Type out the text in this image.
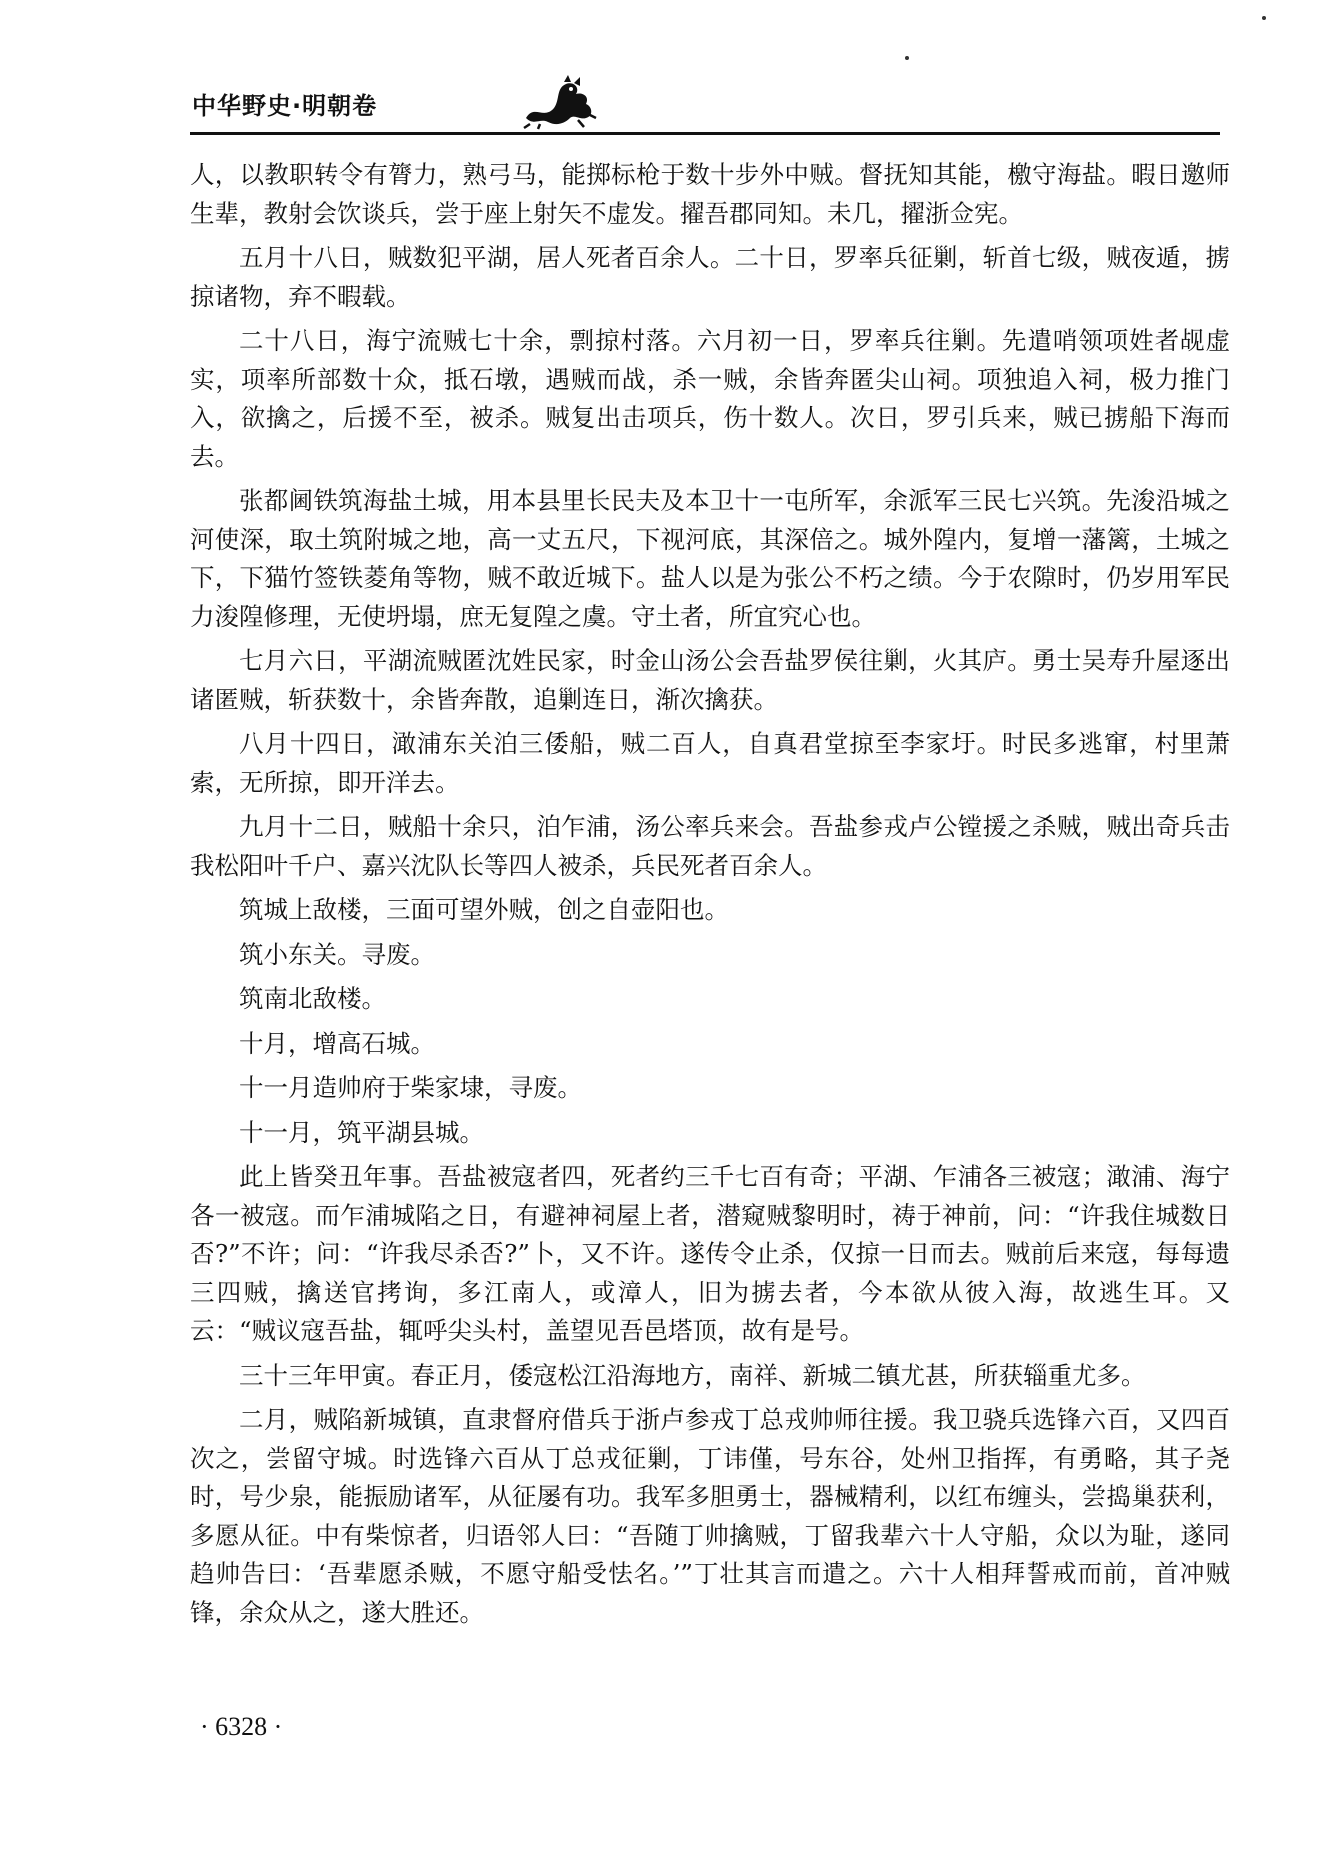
中华野史·明朝卷

人，以教职转令有膂力，熟弓马，能掷标枪于数十步外中贼。督抚知其能，檄守海盐。暇日邀师生辈，教射会饮谈兵，尝于座上射矢不虚发。擢吾郡同知。未几，擢浙佥宪。

五月十八日，贼数犯平湖，居人死者百余人。二十日，罗率兵征剿，斩首七级，贼夜遁，掳掠诸物，弃不暇载。

二十八日，海宁流贼七十余，剽掠村落。六月初一日，罗率兵往剿。先遣哨领项姓者觇虚实，项率所部数十众，抵石墩，遇贼而战，杀一贼，余皆奔匿尖山祠。项独追入祠，极力推门入，欲擒之，后援不至，被杀。贼复出击项兵，伤十数人。次日，罗引兵来，贼已掳船下海而去。

张都阃铁筑海盐土城，用本县里长民夫及本卫十一屯所军，余派军三民七兴筑。先浚沿城之河使深，取土筑附城之地，高一丈五尺，下视河底，其深倍之。城外隍内，复增一藩篱，土城之下，下猫竹签铁菱角等物，贼不敢近城下。盐人以是为张公不朽之绩。今于农隙时，仍岁用军民力浚隍修理，无使坍塌，庶无复隍之虞。守土者，所宜究心也。

七月六日，平湖流贼匿沈姓民家，时金山汤公会吾盐罗侯往剿，火其庐。勇士吴寿升屋逐出诸匿贼，斩获数十，余皆奔散，追剿连日，渐次擒获。

八月十四日，澉浦东关泊三倭船，贼二百人，自真君堂掠至李家圩。时民多逃窜，村里萧索，无所掠，即开洋去。

九月十二日，贼船十余只，泊乍浦，汤公率兵来会。吾盐参戎卢公镗援之杀贼，贼出奇兵击我松阳叶千户、嘉兴沈队长等四人被杀，兵民死者百余人。

筑城上敌楼，三面可望外贼，创之自壶阳也。

筑小东关。寻废。

筑南北敌楼。

十月，增高石城。

十一月造帅府于柴家埭，寻废。

十一月，筑平湖县城。

此上皆癸丑年事。吾盐被寇者四，死者约三千七百有奇；平湖、乍浦各三被寇；澉浦、海宁各一被寇。而乍浦城陷之日，有避神祠屋上者，潜窥贼黎明时，祷于神前，问：“许我住城数日否?”不许；问：“许我尽杀否?”卜，又不许。遂传令止杀，仅掠一日而去。贼前后来寇，每每遗三四贼，擒送官拷询，多江南人，或漳人，旧为掳去者，今本欲从彼入海，故逃生耳。又云：“贼议寇吾盐，辄呼尖头村，盖望见吾邑塔顶，故有是号。

三十三年甲寅。春正月，倭寇松江沿海地方，南祥、新城二镇尤甚，所获辎重尤多。

二月，贼陷新城镇，直隶督府借兵于浙卢参戎丁总戎帅师往援。我卫骁兵选锋六百，又四百次之，尝留守城。时选锋六百从丁总戎征剿，丁讳僅，号东谷，处州卫指挥，有勇略，其子尧时，号少泉，能振励诸军，从征屡有功。我军多胆勇士，器械精利，以红布缠头，尝捣巢获利，多愿从征。中有柴惊者，归语邻人曰：“吾随丁帅擒贼，丁留我辈六十人守船，众以为耻，遂同趋帅告曰：‘吾辈愿杀贼，不愿守船受怯名。’”丁壮其言而遣之。六十人相拜誓戒而前，首冲贼锋，余众从之，遂大胜还。

· 6328 ·
